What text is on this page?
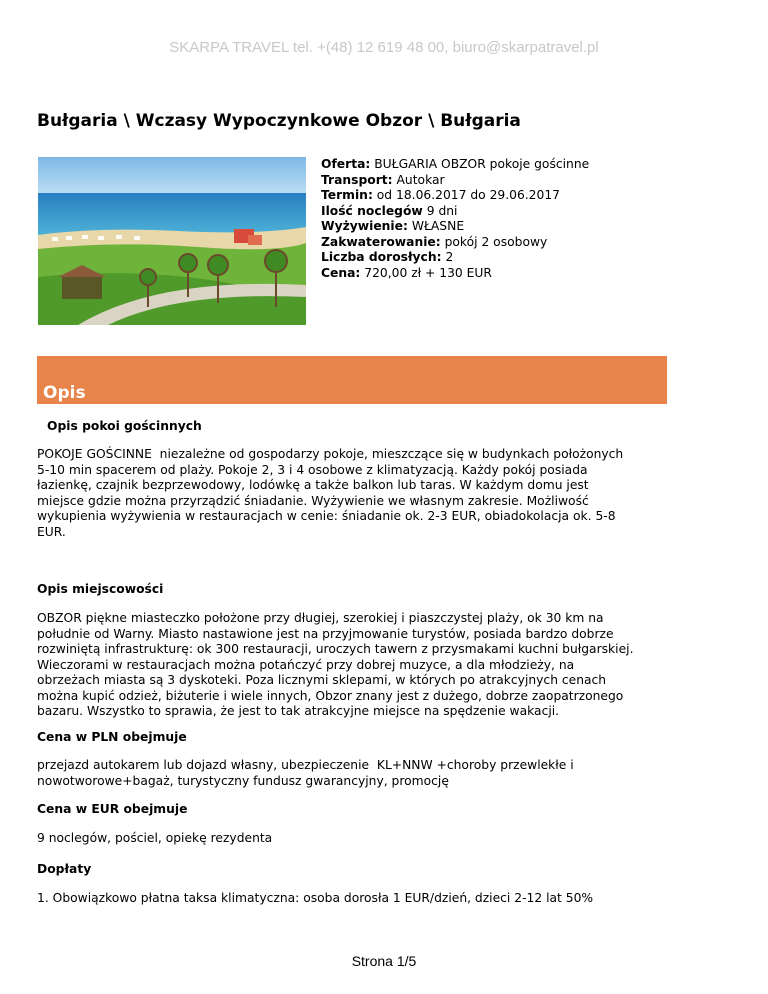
SKARPA TRAVEL tel. +(48) 12 619 48 00, biuro@skarpatravel.pl
Bułgaria \ Wczasy Wypoczynkowe Obzor \ Bułgaria
Oferta: BUŁGARIA OBZOR pokoje gościnne
Transport: Autokar
Termin: od 18.06.2017 do 29.06.2017
Ilość noclegów 9 dni
Wyżywienie: WŁASNE
Zakwaterowanie: pokój 2 osobowy
Liczba dorosłych: 2
Cena: 720,00 zł + 130 EUR
Opis

Opis pokoi gościnnych

POKOJE GOŚCINNE  niezależne od gospodarzy pokoje, mieszczące się w budynkach położonych
5-10 min spacerem od plaży. Pokoje 2, 3 i 4 osobowe z klimatyzacją. Każdy pokój posiada
łazienkę, czajnik bezprzewodowy, lodówkę a także balkon lub taras. W każdym domu jest
miejsce gdzie można przyrządzić śniadanie. Wyżywienie we własnym zakresie. Możliwość
wykupienia wyżywienia w restauracjach w cenie: śniadanie ok. 2-3 EUR, obiadokolacja ok. 5-8
EUR.

Opis miejscowości

OBZOR piękne miasteczko położone przy długiej, szerokiej i piaszczystej plaży, ok 30 km na
południe od Warny. Miasto nastawione jest na przyjmowanie turystów, posiada bardzo dobrze
rozwiniętą infrastrukturę: ok 300 restauracji, uroczych tawern z przysmakami kuchni bułgarskiej.
Wieczorami w restauracjach można potańczyć przy dobrej muzyce, a dla młodzieży, na
obrzeżach miasta są 3 dyskoteki. Poza licznymi sklepami, w których po atrakcyjnych cenach
można kupić odzież, biżuterie i wiele innych, Obzor znany jest z dużego, dobrze zaopatrzonego
bazaru. Wszystko to sprawia, że jest to tak atrakcyjne miejsce na spędzenie wakacji.

Cena w PLN obejmuje

przejazd autokarem lub dojazd własny, ubezpieczenie  KL+NNW +choroby przewlekłe i
nowotworowe+bagaż, turystyczny fundusz gwarancyjny, promocję

Cena w EUR obejmuje

9 noclegów, pościel, opiekę rezydenta

Dopłaty

1. Obowiązkowo płatna taksa klimatyczna: osoba dorosła 1 EUR/dzień, dzieci 2-12 lat 50%
Strona 1/5
